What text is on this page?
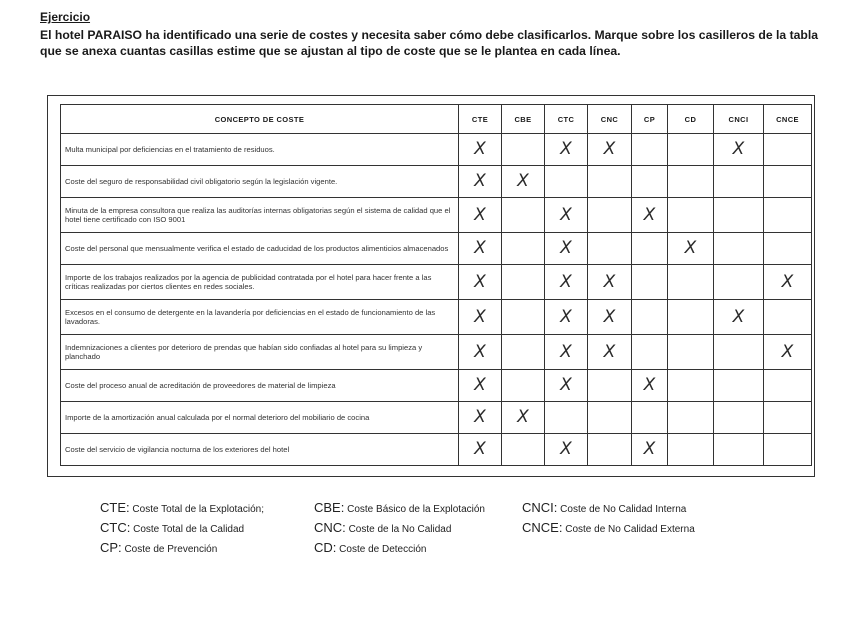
Ejercicio
El hotel PARAISO ha identificado una serie de costes y necesita saber cómo debe clasificarlos. Marque sobre los casilleros de la tabla que se anexa cuantas casillas estime que se ajustan al tipo de coste que se le plantea en cada línea.
CONCEPTO DE COSTE	CTE	CBE	CTC	CNC	CP	CD	CNCI	CNCE
Multa municipal por deficiencias en el tratamiento de residuos.	X		X	X			X	
Coste del seguro de responsabilidad civil obligatorio según la legislación vigente.	X	X						
Minuta de la empresa consultora que realiza las auditorías internas obligatorias según el sistema de calidad que el hotel tiene certificado con ISO 9001	X		X		X			
Coste del personal que mensualmente verifica el estado de caducidad de los productos alimenticios almacenados	X		X			X		
Importe de los trabajos realizados por la agencia de publicidad contratada por el hotel para hacer frente a las críticas realizadas por ciertos clientes en redes sociales.	X		X	X				X
Excesos en el consumo de detergente en la lavandería por deficiencias en el estado de funcionamiento de las lavadoras.	X		X	X			X	
Indemnizaciones a clientes por deterioro de prendas que habían sido confiadas al hotel para su limpieza y planchado	X		X	X				X
Coste del proceso anual de acreditación de proveedores de material de limpieza	X		X		X			
Importe de la amortización anual calculada por el normal deterioro del mobiliario de cocina	X	X						
Coste del servicio de vigilancia nocturna de los exteriores del hotel	X		X		X			
CTE: Coste Total de la Explotación;	CBE: Coste Básico de la Explotación	CNCI: Coste de No Calidad Interna
CTC: Coste Total de la Calidad	CNC: Coste de la No Calidad	CNCE: Coste de No Calidad Externa
CP: Coste de Prevención	CD: Coste de Detección
